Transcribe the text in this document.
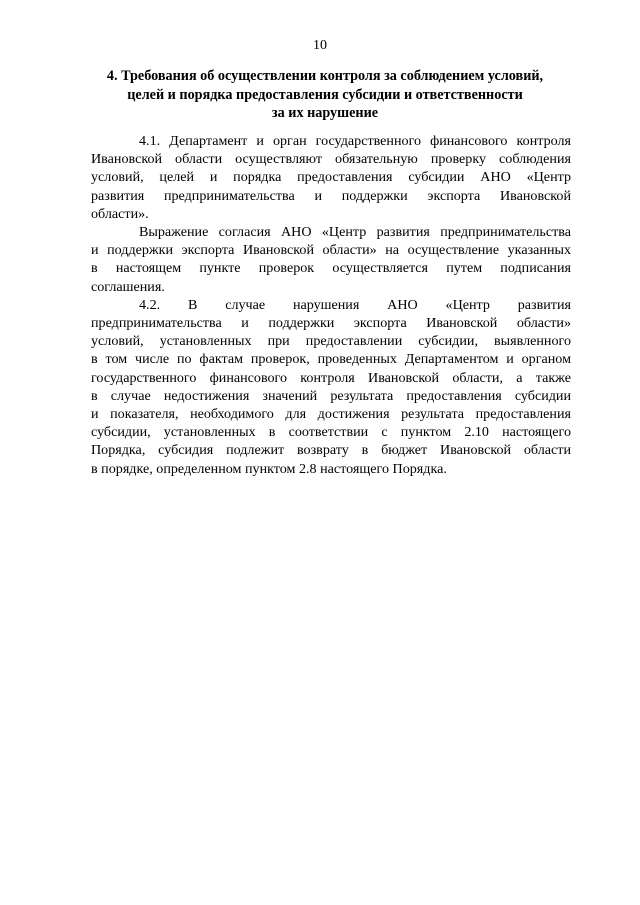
10
4. Требования об осуществлении контроля за соблюдением условий,
целей и порядка предоставления субсидии и ответственности
за их нарушение
4.1. Департамент и орган государственного финансового контроля
Ивановской области осуществляют обязательную проверку соблюдения
условий, целей и порядка предоставления субсидии АНО «Центр
развития предпринимательства и поддержки экспорта Ивановской
области».
Выражение согласия АНО «Центр развития предпринимательства
и поддержки экспорта Ивановской области» на осуществление указанных
в настоящем пункте проверок осуществляется путем подписания
соглашения.
4.2. В случае нарушения АНО «Центр развития
предпринимательства и поддержки экспорта Ивановской области»
условий, установленных при предоставлении субсидии, выявленного
в том числе по фактам проверок, проведенных Департаментом и органом
государственного финансового контроля Ивановской области, а также
в случае недостижения значений результата предоставления субсидии
и показателя, необходимого для достижения результата предоставления
субсидии, установленных в соответствии с пунктом 2.10 настоящего
Порядка, субсидия подлежит возврату в бюджет Ивановской области
в порядке, определенном пунктом 2.8 настоящего Порядка.
